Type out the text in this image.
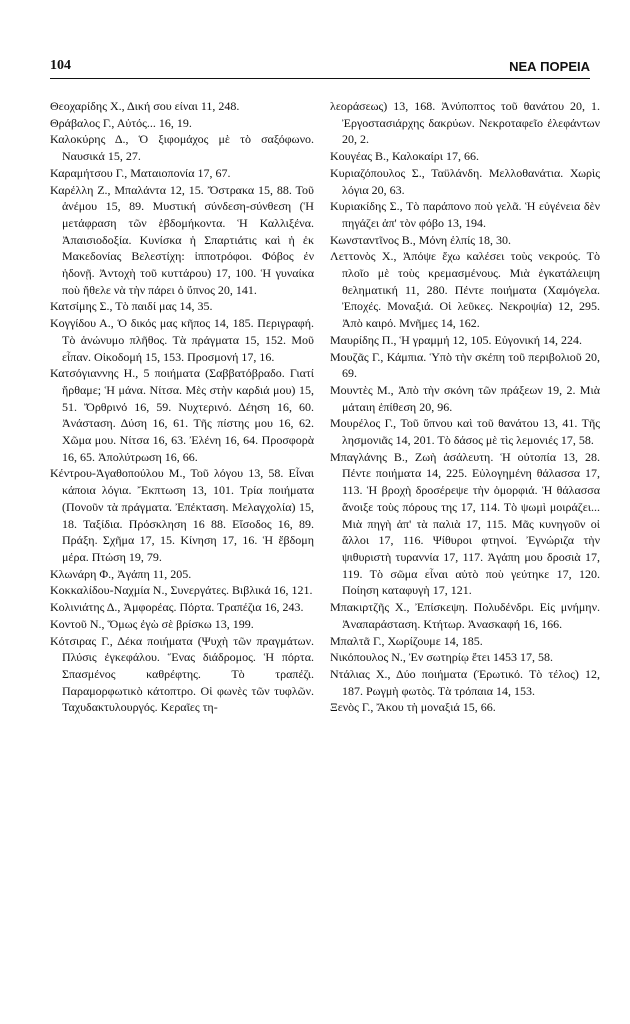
104	ΝΕΑ ΠΟΡΕΙΑ

Θεοχαρίδης Χ., Δική σου είναι 11, 248.

Θράβαλος Γ., Αὐτός... 16, 19.

Καλοκύρης Δ., Ὁ ξιφομάχος μὲ τὸ σαξόφωνο. Ναυσικά 15, 27.

Καραμήτσου Γ., Ματαιοπονία 17, 67.

Καρέλλη Ζ., Μπαλάντα 12, 15. Ὄστρακα 15, 88. Τοῦ ἀνέμου 15, 89. Μυστική σύνδεση-σύνθεση (Ἡ μετάφραση τῶν ἑβδομήκοντα. Ἡ Καλλιξένα. Ἀπαισιοδοξία. Κυνίσκα ἡ Σπαρτιάτις καὶ ἡ ἐκ Μακεδονίας Βελεστίχη: ἱπποτρόφοι. Φόβος ἐν ἡδονῇ. Ἀντοχὴ τοῦ κυττάρου) 17, 100. Ἡ γυναίκα ποὺ ἤθελε νὰ τὴν πάρει ὁ ὕπνος 20, 141.

Κατσίμης Σ., Τὸ παιδί μας 14, 35.

Κογγίδου Α., Ὁ δικός μας κῆπος 14, 185. Περιγραφή. Τὸ ἀνώνυμο πλῆθος. Τὰ πράγματα 15, 152. Μοῦ εἶπαν. Οἰκοδομή 15, 153. Προσμονή 17, 16.

Κατσόγιαννης Η., 5 ποιήματα (Σαββατόβραδο. Γιατί ἤρθαμε; Ἡ μάνα. Νίτσα. Μὲς στὴν καρδιά μου) 15, 51. Ὄρθρινό 16, 59. Νυχτερινό. Δέηση 16, 60. Ἀνάσταση. Δύση 16, 61. Τῆς πίστης μου 16, 62. Χῶμα μου. Νίτσα 16, 63. Ἐλένη 16, 64. Προσφορὰ 16, 65. Ἀπολύτρωση 16, 66.

Κέντρου-Ἀγαθοπούλου Μ., Τοῦ λόγου 13, 58. Εἶναι κάποια λόγια. Ἔκπτωση 13, 101. Τρία ποιήματα (Πονοῦν τὰ πράγματα. Ἐπέκταση. Μελαγχολία) 15, 18. Ταξίδια. Πρόσκληση 16 88. Εἴσοδος 16, 89. Πράξη. Σχῆμα 17, 15. Κίνηση 17, 16. Ἡ ἕβδομη μέρα. Πτώση 19, 79.

Κλωνάρη Φ., Ἀγάπη 11, 205.

Κοκκαλίδου-Ναχμία Ν., Συνεργάτες. Βιβλικά 16, 121.

Κολινιάτης Δ., Ἀμφορέας. Πόρτα. Τραπέζια 16, 243.

Κοντοῦ Ν., Ὅμως ἐγὼ σὲ βρίσκω 13, 199.

Κότσιρας Γ., Δέκα ποιήματα (Ψυχὴ τῶν πραγμάτων. Πλύσις ἐγκεφάλου. Ἕνας διάδρομος. Ἡ πόρτα. Σπασμένος καθρέφτης. Τὸ τραπέζι. Παραμορφωτικὸ κάτοπτρο. Οἱ φωνὲς τῶν τυφλῶν. Ταχυδακτυλουργός. Κεραῖες τη-

λεοράσεως) 13, 168. Ἀνύποπτος τοῦ θανάτου 20, 1. Ἐργοστασιάρχης δακρύων. Νεκροταφεῖο ἐλεφάντων 20, 2.

Κουγέας Β., Καλοκαίρι 17, 66.

Κυριαζόπουλος Σ., Ταϋλάνδη. Μελλοθανάτια. Χωρὶς λόγια 20, 63.

Κυριακίδης Σ., Τὸ παράπονο ποὺ γελᾶ. Ἡ εὐγένεια δὲν πηγάζει ἀπ' τὸν φόβο 13, 194.

Κωνσταντῖνος Β., Μόνη ἐλπίς 18, 30.

Λεττονὸς Χ., Ἀπόψε ἔχω καλέσει τοὺς νεκρούς. Τὸ πλοῖο μὲ τοὺς κρεμασμένους. Μιὰ ἐγκατάλειψη θεληματική 11, 280. Πέντε ποιήματα (Χαμόγελα. Ἐποχές. Μοναξιά. Οἱ λεῦκες. Νεκροψία) 12, 295. Ἀπὸ καιρό. Μνῆμες 14, 162.

Μαυρίδης Π., Ἡ γραμμή 12, 105. Εὐγονική 14, 224.

Μουζᾶς Γ., Κάμπια. Ὑπὸ τὴν σκέπη τοῦ περιβολιοῦ 20, 69.

Μουντὲς Μ., Ἀπὸ τὴν σκόνη τῶν πράξεων 19, 2. Μιὰ μάταιη ἐπίθεση 20, 96.

Μουρέλος Γ., Τοῦ ὕπνου καὶ τοῦ θανάτου 13, 41. Τῆς λησμονιᾶς 14, 201. Τὸ δάσος μὲ τὶς λεμονιές 17, 58.

Μπαγλάνης Β., Ζωὴ ἀσάλευτη. Ἡ οὐτοπία 13, 28. Πέντε ποιήματα 14, 225. Εὐλογημένη θάλασσα 17, 113. Ἡ βροχὴ δροσέρεψε τὴν ὀμορφιά. Ἡ θάλασσα ἄνοιξε τοὺς πόρους της 17, 114. Τὸ ψωμὶ μοιράζει... Μιὰ πηγὴ ἀπ' τὰ παλιὰ 17, 115. Μᾶς κυνηγοῦν οἱ ἄλλοι 17, 116. Ψίθυροι φτηνοί. Ἐγνώριζα τὴν ψιθυριστὴ τυραννία 17, 117. Ἀγάπη μου δροσιὰ 17, 119. Τὸ σῶμα εἶναι αὐτὸ ποὺ γεύτηκε 17, 120. Ποίηση καταφυγὴ 17, 121.

Μπακιρτζῆς Χ., Ἐπίσκεψη. Πολυδένδρι. Εἰς μνήμην. Ἀναπαράσταση. Κτήτωρ. Ἀνασκαφή 16, 166.

Μπαλτᾶ Γ., Χωρίζουμε 14, 185.

Νικόπουλος Ν., Ἐν σωτηρίῳ ἔτει 1453 17, 58.

Ντάλιας Χ., Δύο ποιήματα (Ἐρωτικό. Τὸ τέλος) 12, 187. Ρωγμὴ φωτὸς. Τὰ τρόπαια 14, 153.

Ξενὸς Γ., Ἄκου τὴ μοναξιά 15, 66.
